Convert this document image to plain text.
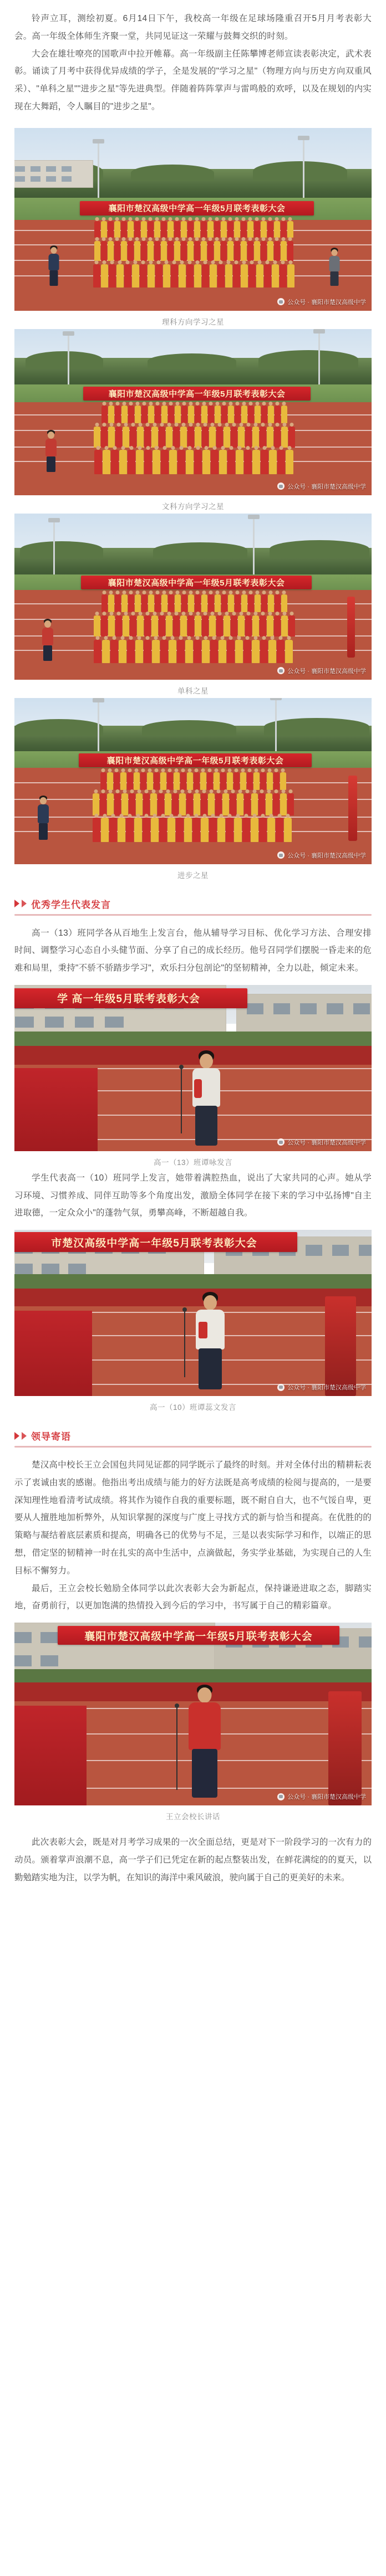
铃声立耳，测绘初夏。6月14日下午，我校高一年级在足球场隆重召开5月月考表彰大会。高一年级全体师生齐聚一堂，共同见证这一荣耀与鼓舞交织的时刻。

大会在雄壮嘹亮的国歌声中拉开帷幕。高一年级副主任陈攀博老师宣读表彰决定，武术表彰。诵读了月考中获得优异成绩的学子，全是发展的"学习之星"（物理方向与历史方向双重风采）、"单科之星""进步之星"等先进典型。伴随着阵阵掌声与雷鸣般的欢呼，以及在规划的内实现在大舞蹈，令人瞩目的"进步之星"。

襄阳市楚汉高级中学高一年级5月联考表彰大会
公众号 · 襄阳市楚汉高级中学
理科方向学习之星
襄阳市楚汉高级中学高一年级5月联考表彰大会
公众号 · 襄阳市楚汉高级中学
文科方向学习之星
襄阳市楚汉高级中学高一年级5月联考表彰大会
公众号 · 襄阳市楚汉高级中学
单科之星
襄阳市楚汉高级中学高一年级5月联考表彰大会
公众号 · 襄阳市楚汉高级中学
进步之星
优秀学生代表发言

高一（13）班同学各从百地生上发言台，他从辅导学习目标、优化学习方法、合理安排时间、调整学习心态自小头健节面、分享了自己的成长经历。他号召同学们摆脱一昏走来的危难和局里，秉持"不骄不骄踏步学习"，欢乐扫分包剖论"的坚韧精神，全力以赴，倾定未来。

学 高一年级5月联考表彰大会
公众号 · 襄阳市楚汉高级中学
高一（13）班谭咏发言

学生代表高一（10）班同学上发言，她带着满腔热血，说出了大家共同的心声。她从学习环境、习惯养成、同伴互助等多个角度出发，激励全体同学在接下来的学习中弘扬博"自主进取德，一定众众小"的蓬勃气氛，勇攀高峰，不断超越自我。

市楚汉高级中学高一年级5月联考表彰大会
公众号 · 襄阳市楚汉高级中学
高一（10）班谭蕊文发言
领导寄语

楚汉高中校长王立会国包共同见证都的同学既示了最终的时刻。并对全体付出的精耕耘表示了衷诚由衷的感谢。他指出考出成绩与能力的好方法既是高考成绩的检阅与提高的，一是要深知理性地看清考试成绩。将其作为镜作自我的重要标题，既不耐自自大，也不气馁自卑，更要从人擅胜地加析弊外，从知识掌握的深度与广度上寻找方式的新与恰当和提高。在优胜的的策略与凝结着底层素质和提高，明确各已的优势与不足，三是以表实际学习和作，以端正的思想，借定坚的韧精神一时在扎实的高中生活中，点滴做起，务实学业基础，为实现自己的人生目标不懈努力。

最后，王立会校长勉励全体同学以此次表彰大会为新起点，保持谦逊进取之态，脚踏实地，奋勇前行，以更加饱满的热情投入到今后的学习中，书写属于自己的精彩篇章。

襄阳市楚汉高级中学高一年级5月联考表彰大会
公众号 · 襄阳市楚汉高级中学
王立会校长讲话
此次表彰大会，既是对月考学习成果的一次全面总结，更是对下一阶段学习的一次有力的动员。颁着掌声浪潮不息，高一学子们已凭定在新的起点整装出发，在鲜花满绽的的夏天，以勤勉踏实地为注，以学为帆，在知识的海洋中乘风破浪，驶向属于自己的更美好的未来。
